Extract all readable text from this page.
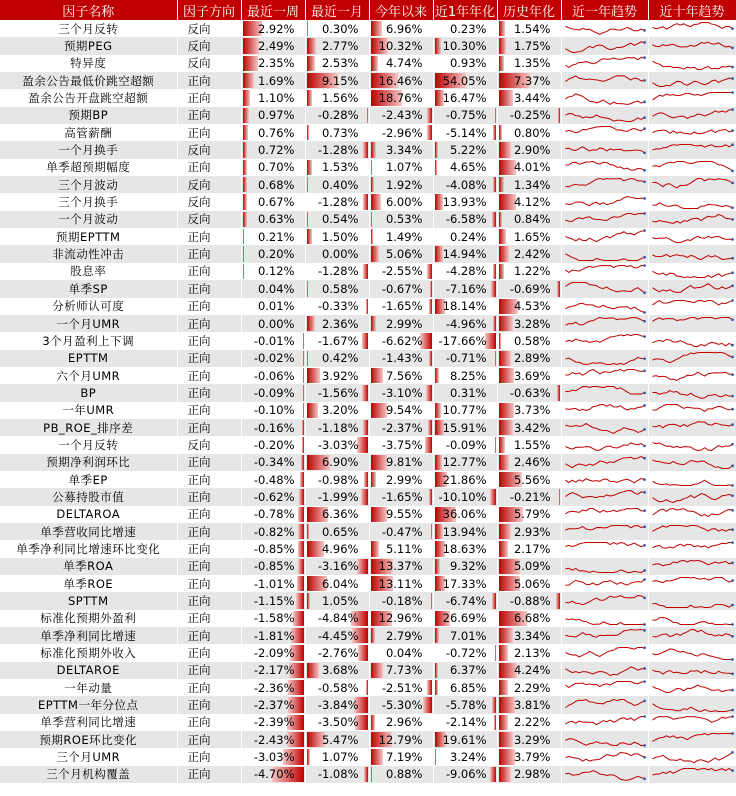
因子名称	因子方向	最近一周	最近一月	今年以来	近1年年化	历史年化	近一年趋势	近十年趋势
三个月反转	反向	2.92%	0.30%	6.96%	0.23%	1.54%	

预期PEG	反向	2.49%	2.77%	10.32%	10.30%	1.75%	

特异度	反向	2.35%	2.53%	4.74%	0.93%	1.35%	

盈余公告最低价跳空超额	正向	1.69%	9.15%	16.46%	54.05%	7.37%	

盈余公告开盘跳空超额	正向	1.10%	1.56%	18.76%	16.47%	3.44%	

预期BP	正向	0.97%	-0.28%	-2.43%	-0.75%	-0.25%	

高管薪酬	正向	0.76%	0.73%	-2.96%	-5.14%	0.80%	

一个月换手	反向	0.72%	-1.28%	3.34%	5.22%	2.90%	

单季超预期幅度	正向	0.70%	1.53%	1.07%	4.65%	4.01%	

三个月波动	反向	0.68%	0.40%	1.92%	-4.08%	1.34%	

三个月换手	反向	0.67%	-1.28%	6.00%	13.93%	4.12%	

一个月波动	反向	0.63%	0.54%	0.53%	-6.58%	0.84%	

预期EPTTM	正向	0.21%	1.50%	1.49%	0.24%	1.65%	

非流动性冲击	正向	0.20%	0.00%	5.06%	14.94%	2.42%	

股息率	正向	0.12%	-1.28%	-2.55%	-4.28%	1.22%	

单季SP	正向	0.04%	0.58%	-0.67%	-7.16%	-0.69%	

分析师认可度	正向	0.01%	-0.33%	-1.65%	18.14%	4.53%	

一个月UMR	正向	0.00%	2.36%	2.99%	-4.96%	3.28%	

3个月盈利上下调	正向	-0.01%	-1.67%	-6.62%	-17.66%	0.58%	

EPTTM	正向	-0.02%	0.42%	-1.43%	-0.71%	2.89%	

六个月UMR	正向	-0.06%	3.92%	7.56%	8.25%	3.69%	

BP	正向	-0.09%	-1.56%	-3.10%	0.31%	-0.63%	

一年UMR	正向	-0.10%	3.20%	9.54%	10.77%	3.73%	

PB_ROE_排序差	正向	-0.16%	-1.18%	-2.37%	15.91%	3.42%	

一个月反转	反向	-0.20%	-3.03%	-3.75%	-0.09%	1.55%	

预期净利润环比	正向	-0.34%	6.90%	9.81%	12.77%	2.46%	

单季EP	正向	-0.48%	-0.98%	2.99%	21.86%	5.56%	

公募持股市值	正向	-0.62%	-1.99%	-1.65%	-10.10%	-0.21%	

DELTAROA	正向	-0.78%	6.36%	9.55%	36.06%	5.79%	

单季营收同比增速	正向	-0.82%	0.65%	-0.47%	13.94%	2.93%	

单季净利同比增速环比变化	正向	-0.85%	4.96%	5.11%	18.63%	2.17%	

单季ROA	正向	-0.85%	-3.16%	13.37%	9.32%	5.09%	

单季ROE	正向	-1.01%	6.04%	13.11%	17.33%	5.06%	

SPTTM	正向	-1.15%	1.05%	-0.18%	-6.74%	-0.88%	

标准化预期外盈利	正向	-1.58%	-4.84%	12.96%	26.69%	6.68%	

单季净利同比增速	正向	-1.81%	-4.45%	2.79%	7.01%	3.34%	

标准化预期外收入	正向	-2.09%	-2.76%	0.04%	-0.72%	2.13%	

DELTAROE	正向	-2.17%	3.68%	7.73%	6.37%	4.24%	

一年动量	正向	-2.36%	-0.58%	-2.51%	6.85%	2.29%	

EPTTM一年分位点	正向	-2.37%	-3.84%	-5.30%	-5.78%	3.81%	

单季营利同比增速	正向	-2.39%	-3.50%	2.96%	-2.14%	2.22%	

预期ROE环比变化	正向	-2.43%	5.47%	12.79%	19.61%	3.29%	

三个月UMR	正向	-3.03%	1.07%	7.19%	3.24%	3.79%	

三个月机构覆盖	正向	-4.70%	-1.08%	0.88%	-9.06%	2.98%	
